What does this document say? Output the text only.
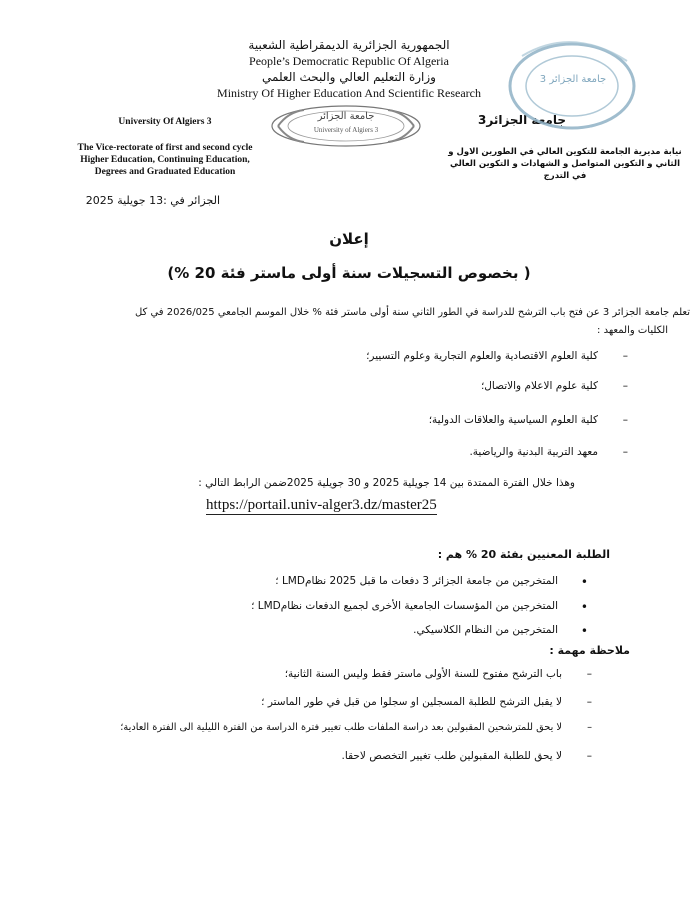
الجمهورية الجزائرية الديمقراطية الشعبية
People’s Democratic Republic Of Algeria
وزارة التعليم العالي والبحث العلمي
Ministry Of Higher Education And Scientific Research
University Of Algiers 3
The Vice-rectorate of first and second cycle
Higher Education, Continuing Education,
Degrees and Graduated Education
جامعة الجزائر
University of Algiers 3
جامعة الجزائر3
نيابة مديرية الجامعة للتكوين العالي في الطورين الاول و
الثاني و التكوين المتواصل و الشهادات و التكوين العالي
في التدرج
جامعة الجزائر 3
الجزائر في :13 جويلية 2025
إعلان
( بخصوص التسجيلات سنة أولى ماستر فئة 20 %)
تعلم جامعة الجزائر 3 عن فتح باب الترشح للدراسة في الطور الثاني سنة أولى ماستر فئة % خلال الموسم الجامعي 2026/025 في كل
الكليات والمعهد :
–
كلية العلوم الاقتصادية والعلوم التجارية وعلوم التسيير؛
–
كلية علوم الاعلام والاتصال؛
–
كلية العلوم السياسية والعلاقات الدولية؛
–
معهد التربية البدنية والرياضية.
وهذا خلال الفترة الممتدة بين 14 جويلية 2025 و 30 جويلية 2025ضمن الرابط التالي :
https://portail.univ-alger3.dz/master25
الطلبة المعنيين بفئة 20 % هم :
•
المتخرجين من جامعة الجزائر 3 دفعات ما قبل 2025 نظامLMD ؛
•
المتخرجين من المؤسسات الجامعية الأخرى لجميع الدفعات نظامLMD ؛
•
المتخرجين من النظام الكلاسيكي.
ملاحظة مهمة :
–
باب الترشح مفتوح للسنة الأولى ماستر فقط وليس السنة الثانية؛
–
لا يقبل الترشح للطلبة المسجلين او سجلوا من قبل في طور الماستر ؛
–
لا يحق للمترشحين المقبولين بعد دراسة الملفات طلب تغيير فترة الدراسة من الفترة الليلية الى الفترة العادية؛
–
لا يحق للطلبة المقبولين طلب تغيير التخصص لاحقا.
